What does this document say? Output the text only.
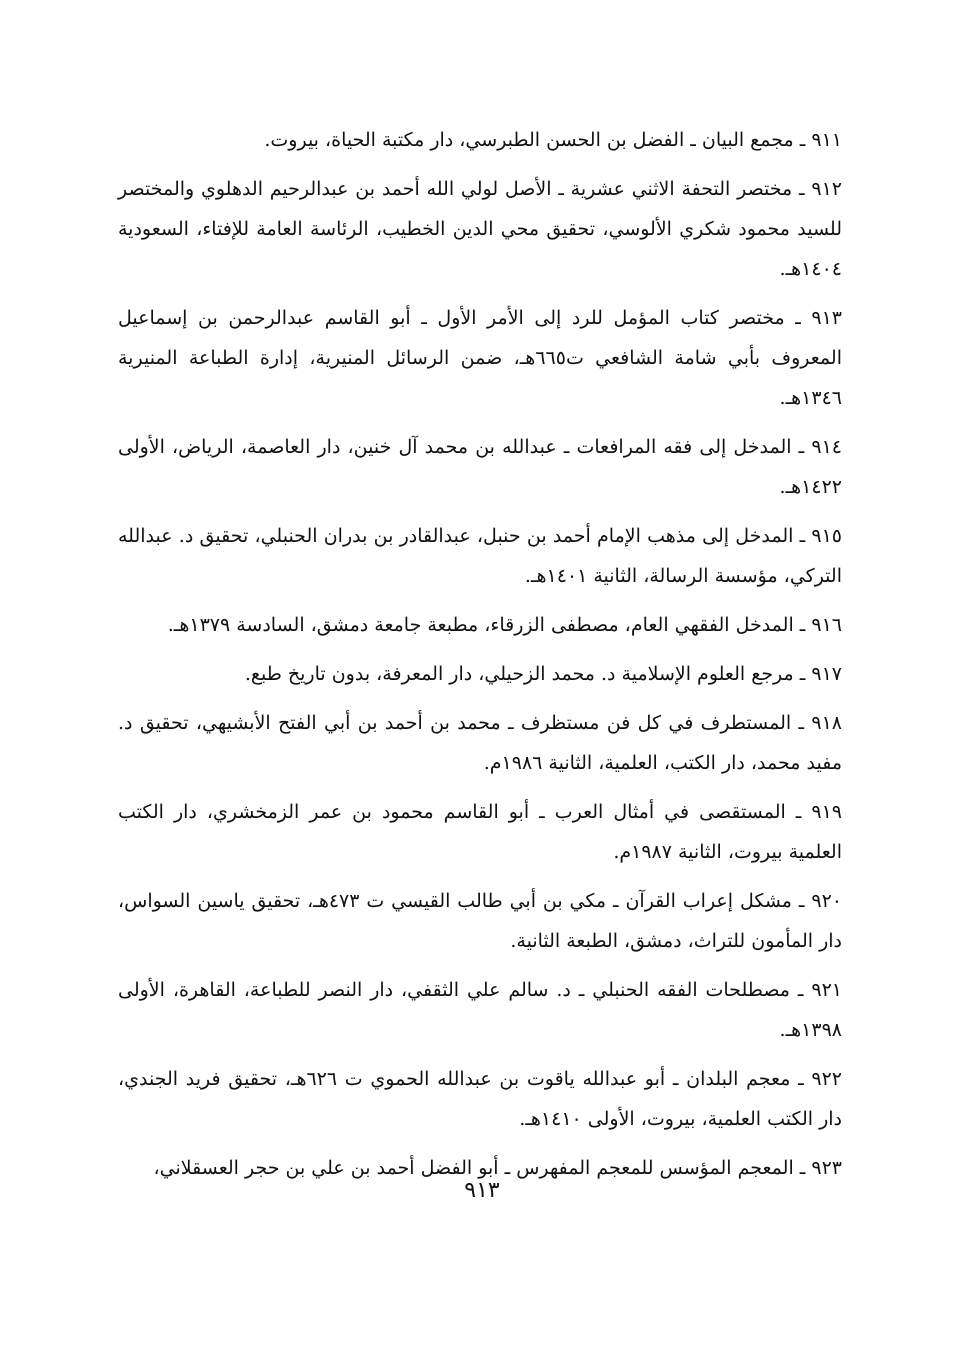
٩١١ ـ مجمع البيان ـ الفضل بن الحسن الطبرسي، دار مكتبة الحياة، بيروت.

٩١٢ ـ مختصر التحفة الاثني عشرية ـ الأصل لولي الله أحمد بن عبدالرحيم الدهلوي والمختصر للسيد محمود شكري الألوسي، تحقيق محي الدين الخطيب، الرئاسة العامة للإفتاء، السعودية ١٤٠٤هـ.

٩١٣ ـ مختصر كتاب المؤمل للرد إلى الأمر الأول ـ أبو القاسم عبدالرحمن بن إسماعيل المعروف بأبي شامة الشافعي ت٦٦٥هـ، ضمن الرسائل المنيرية، إدارة الطباعة المنيرية ١٣٤٦هـ.

٩١٤ ـ المدخل إلى فقه المرافعات ـ عبدالله بن محمد آل خنين، دار العاصمة، الرياض، الأولى ١٤٢٢هـ.

٩١٥ ـ المدخل إلى مذهب الإمام أحمد بن حنبل، عبدالقادر بن بدران الحنبلي، تحقيق د. عبدالله التركي، مؤسسة الرسالة، الثانية ١٤٠١هـ.

٩١٦ ـ المدخل الفقهي العام، مصطفى الزرقاء، مطبعة جامعة دمشق، السادسة ١٣٧٩هـ.

٩١٧ ـ مرجع العلوم الإسلامية د. محمد الزحيلي، دار المعرفة، بدون تاريخ طبع.

٩١٨ ـ المستطرف في كل فن مستظرف ـ محمد بن أحمد بن أبي الفتح الأبشيهي، تحقيق د. مفيد محمد، دار الكتب، العلمية، الثانية ١٩٨٦م.

٩١٩ ـ المستقصى في أمثال العرب ـ أبو القاسم محمود بن عمر الزمخشري، دار الكتب العلمية بيروت، الثانية ١٩٨٧م.

٩٢٠ ـ مشكل إعراب القرآن ـ مكي بن أبي طالب القيسي ت ٤٧٣هـ، تحقيق ياسين السواس، دار المأمون للتراث، دمشق، الطبعة الثانية.

٩٢١ ـ مصطلحات الفقه الحنبلي ـ د. سالم علي الثقفي، دار النصر للطباعة، القاهرة، الأولى ١٣٩٨هـ.

٩٢٢ ـ معجم البلدان ـ أبو عبدالله ياقوت بن عبدالله الحموي ت ٦٢٦هـ، تحقيق فريد الجندي، دار الكتب العلمية، بيروت، الأولى ١٤١٠هـ.

٩٢٣ ـ المعجم المؤسس للمعجم المفهرس ـ أبو الفضل أحمد بن علي بن حجر العسقلاني،

٩١٣
